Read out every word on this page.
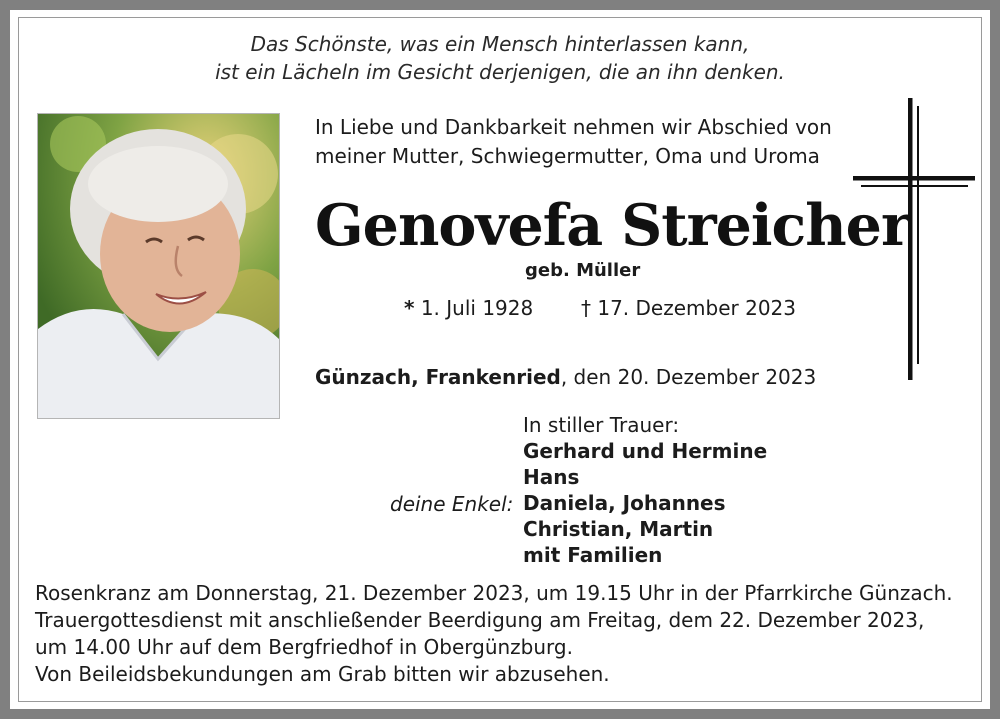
Das Schönste, was ein Mensch hinterlassen kann,
ist ein Lächeln im Gesicht derjenigen, die an ihn denken.
In Liebe und Dankbarkeit nehmen wir Abschied von
meiner Mutter, Schwiegermutter, Oma und Uroma
Genovefa Streicher
geb. Müller
* 1. Juli 1928 † 17. Dezember 2023
Günzach, Frankenried, den 20. Dezember 2023
In stiller Trauer:
Gerhard und Hermine
Hans
deine Enkel: Daniela, Johannes
Christian, Martin
mit Familien
Rosenkranz am Donnerstag, 21. Dezember 2023, um 19.15 Uhr in der Pfarrkirche Günzach.
Trauergottesdienst mit anschließender Beerdigung am Freitag, dem 22. Dezember 2023,
um 14.00 Uhr auf dem Bergfriedhof in Obergünzburg.
Von Beileidsbekundungen am Grab bitten wir abzusehen.
